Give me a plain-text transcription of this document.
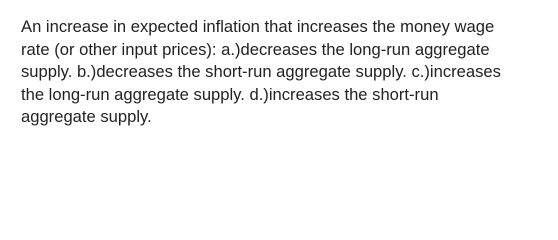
An increase in expected inflation that increases the money wage
rate (or other input prices): a.)decreases the long-run aggregate
supply. b.)decreases the short-run aggregate supply. c.)increases
the long-run aggregate supply. d.)increases the short-run
aggregate supply.
